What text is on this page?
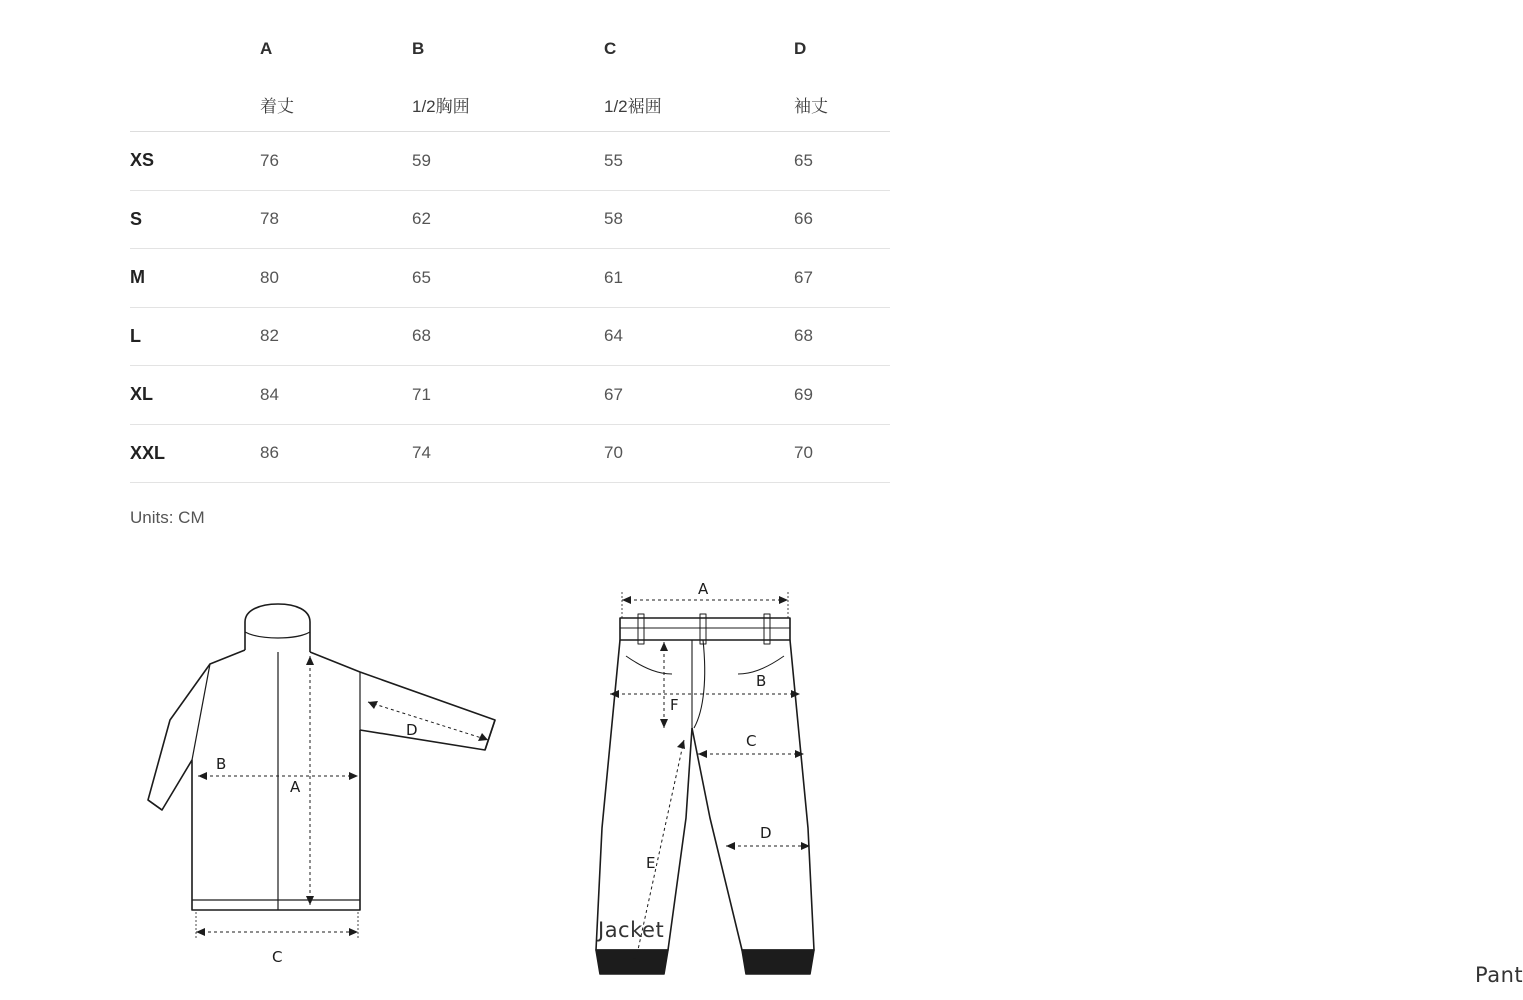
	A	B	C	D
	着丈	1/2胸囲	1/2裾囲	袖丈
XS	76	59	55	65
S	78	62	58	66
M	80	65	61	67
L	82	68	64	68
XL	84	71	67	69
XXL	86	74	70	70
Units: CM
B
A
C
D
Jacket
A
B
F
C
D
E
Pant
